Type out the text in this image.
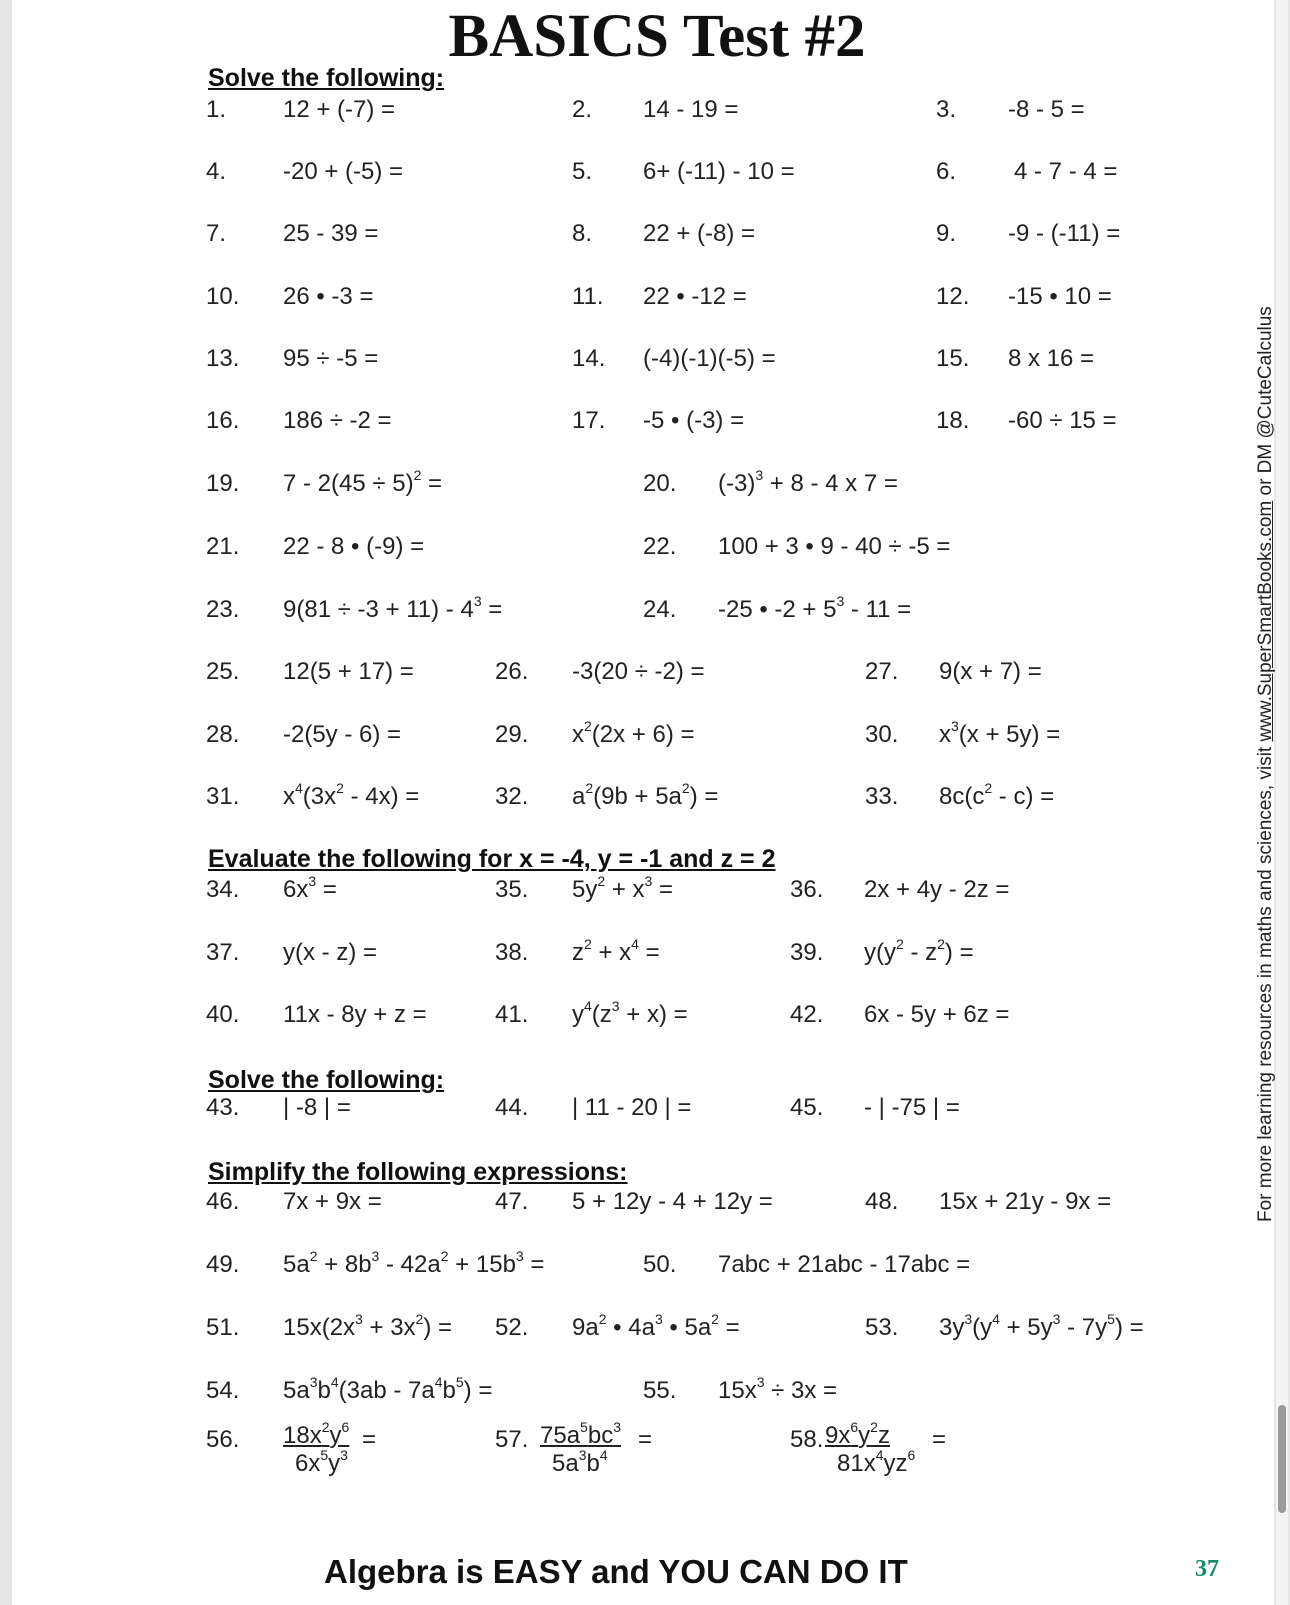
BASICS Test #2
Solve the following:
Evaluate the following for x = -4, y = -1 and z = 2
Solve the following:
Simplify the following expressions:
1. 12 + (-7) =	2. 14 - 19 =	3. -8 - 5 =
4. -20 + (-5) =	5. 6+ (-11) - 10 =	6. 4 - 7 - 4 =
7. 25 - 39 =	8. 22 + (-8) =	9. -9 - (-11) =
10. 26 • -3 =	11. 22 • -12 =	12. -15 • 10 =
13. 95 ÷ -5 =	14. (-4)(-1)(-5) =	15. 8 x 16 =
16. 186 ÷ -2 =	17. -5 • (-3) =	18. -60 ÷ 15 =
19. $7 - 2(45 \div 5)^2$ =	20. $(-3)^3 + 8 - 4$ x 7 =
21. 22 - 8 • (-9) =	22. 100 + 3 • 9 - 40 ÷ -5 =
23. $9(81 \div -3 + 11) - 4^3$ =	24. -25 • $-2 + 5^3 - 11$ =
25. 12(5 + 17) =	26. -3(20 ÷ -2) =	27. 9(x + 7) =
28. -2(5y - 6) =	29. $x^2(2x + 6)$ =	30. $x^3(x + 5y)$ =
31. $x^4(3x^2 - 4x)$ =	32. $a^2(9b + 5a^2)$ =	33. $8c(c^2 - c)$ =
34. $6x^3$ =	35. $5y^2 + x^3$ =	36. 2x + 4y - 2z =
37. y(x - z) =	38. $z^2 + x^4$ =	39. $y(y^2 - z^2)$ =
40. 11x - 8y + z =	41. $y^4(z^3 + x)$ =	42. 6x - 5y + 6z =
43. | -8 | =	44. | 11 - 20 | =	45. - | -75 | =
46. 7x + 9x =	47. 5 + 12y - 4 + 12y =	48. 15x + 21y - 9x =
49. $5a^2 + 8b^3 - 42a^2 + 15b^3$ =	50. 7abc + 21abc - 17abc =
51. $15x(2x^3 + 3x^2) = 52$. $9a^2$ • $4a^3$ • $5a^2$ =	53. $3y^3(y^4 + 5y^3 - 7y^5)$ =
54. $5a^3b^4(3ab - 7a^4b^5)$ =	55. $15x^3 \div 3x$ =
56. $\frac{18x^2y^6}{6x^5y^3}$ =	57. $\frac{75a^5bc^3}{5a^3b^4}$ =	58. $\frac{9x^6y^2z}{81x^4yz^6}$ =
Algebra is EASY and YOU CAN DO IT	37
For more learning resources in maths and sciences, visit www.SuperSmartBooks.com or DM @CuteCalculus
